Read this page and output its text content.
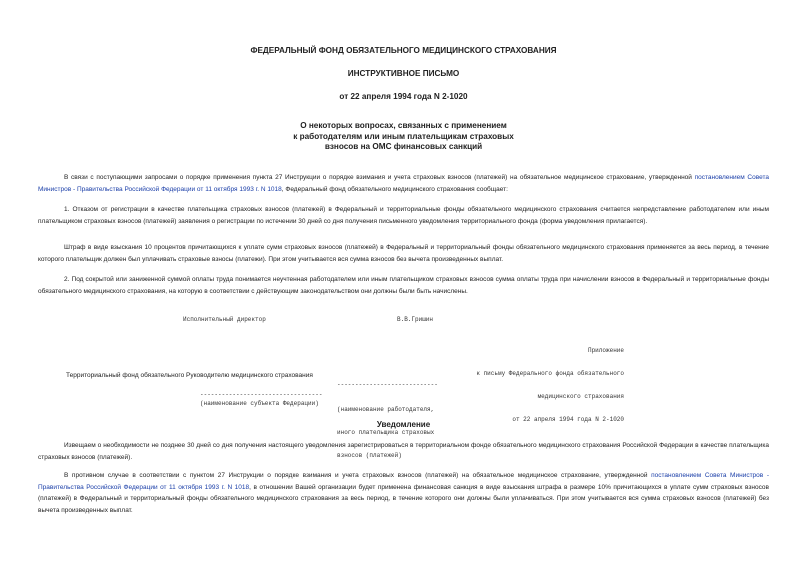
ФЕДЕРАЛЬНЫЙ ФОНД ОБЯЗАТЕЛЬНОГО МЕДИЦИНСКОГО СТРАХОВАНИЯ
ИНСТРУКТИВНОЕ ПИСЬМО
от 22 апреля 1994 года N 2-1020
О некоторых вопросах, связанных с применением
к работодателям или иным плательщикам страховых
взносов на ОМС финансовых санкций
В связи с поступающими запросами о порядке применения пункта 27 Инструкции о порядке взимания и учета страховых взносов (платежей) на обязательное медицинское страхование, утвержденной постановлением Совета Министров - Правительства Российской Федерации от 11 октября 1993 г. N 1018, Федеральный фонд обязательного медицинского страхования сообщает:
1. Отказом от регистрации в качестве плательщика страховых взносов (платежей) в Федеральный и территориальные фонды обязательного медицинского страхования считается непредставление работодателем или иным плательщиком страховых взносов (платежей) заявления о регистрации по истечении 30 дней со дня получения письменного уведомления территориального фонда (форма уведомления прилагается).
Штраф в виде взыскания 10 процентов причитающихся к уплате сумм страховых взносов (платежей) в Федеральный и территориальный фонды обязательного медицинского страхования применяется за весь период, в течение которого плательщик должен был уплачивать страховые взносы (платежи). При этом учитывается вся сумма взносов без вычета произведенных выплат.
2. Под сокрытой или заниженной суммой оплаты труда понимается неучтенная работодателем или иным плательщиком страховых взносов сумма оплаты труда при начислении взносов в Федеральный и территориальные фонды обязательного медицинского страхования, на которую в соответствии с действующим законодательством они должны были быть начислены.
Исполнительный директор	В.В.Гришин

Приложение

к письму Федерального фонда обязательного

медицинского страхования

от 22 апреля 1994 года N 2-1020

Территориальный фонд обязательного Руководителю медицинского страхования
----------------------------
----------------------------------
(наименование субъекта Федерации)

(наименование работодателя,

иного плательщика страховых

взносов (платежей)

Уведомление
Извещаем о необходимости не позднее 30 дней со дня получения настоящего уведомления зарегистрироваться в территориальном фонде обязательного медицинского страхования Российской Федерации в качестве плательщика страховых взносов (платежей).
В противном случае в соответствии с пунктом 27 Инструкции о порядке взимания и учета страховых взносов (платежей) на обязательное медицинское страхование, утвержденной постановлением Совета Министров - Правительства Российской Федерации от 11 октября 1993 г. N 1018, в отношении Вашей организации будет применена финансовая санкция в виде взыскания штрафа в размере 10% причитающихся в уплате сумм страховых взносов (платежей) в Федеральный и территориальный фонды обязательного медицинского страхования за весь период, в течение которого они должны были уплачиваться. При этом учитывается вся сумма страховых взносов (платежей) без вычета произведенных выплат.
